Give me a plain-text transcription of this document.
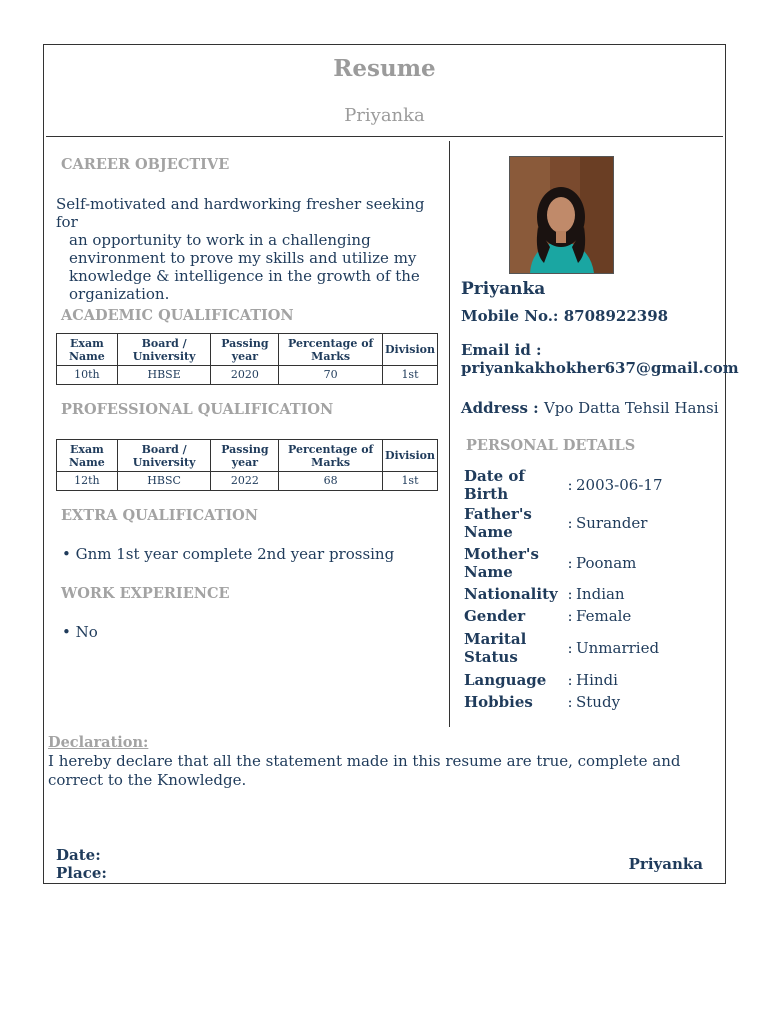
Resume
Priyanka
CAREER OBJECTIVE
Self-motivated and hardworking fresher seeking for
an opportunity to work in a challenging environment to prove my skills and utilize my knowledge & intelligence in the growth of the organization.
ACADEMIC QUALIFICATION
Exam Name	Board / University	Passing year	Percentage of Marks	Division
10th	HBSE	2020	70	1st
PROFESSIONAL QUALIFICATION
Exam Name	Board / University	Passing year	Percentage of Marks	Division
12th	HBSC	2022	68	1st
EXTRA QUALIFICATION
• Gnm 1st year complete 2nd year prossing
WORK EXPERIENCE
• No
Priyanka
Mobile No.: 8708922398
Email id :
priyankakhokher637@gmail.com
Address : Vpo Datta Tehsil Hansi
PERSONAL DETAILS
Date of Birth	:	2003-06-17
Father's Name	:	Surander
Mother's Name	:	Poonam
Nationality	:	Indian
Gender	:	Female
Marital Status	:	Unmarried
Language	:	Hindi
Hobbies	:	Study
Declaration:
I hereby declare that all the statement made in this resume are true, complete and correct to the Knowledge.
Date:
Place:	Priyanka
